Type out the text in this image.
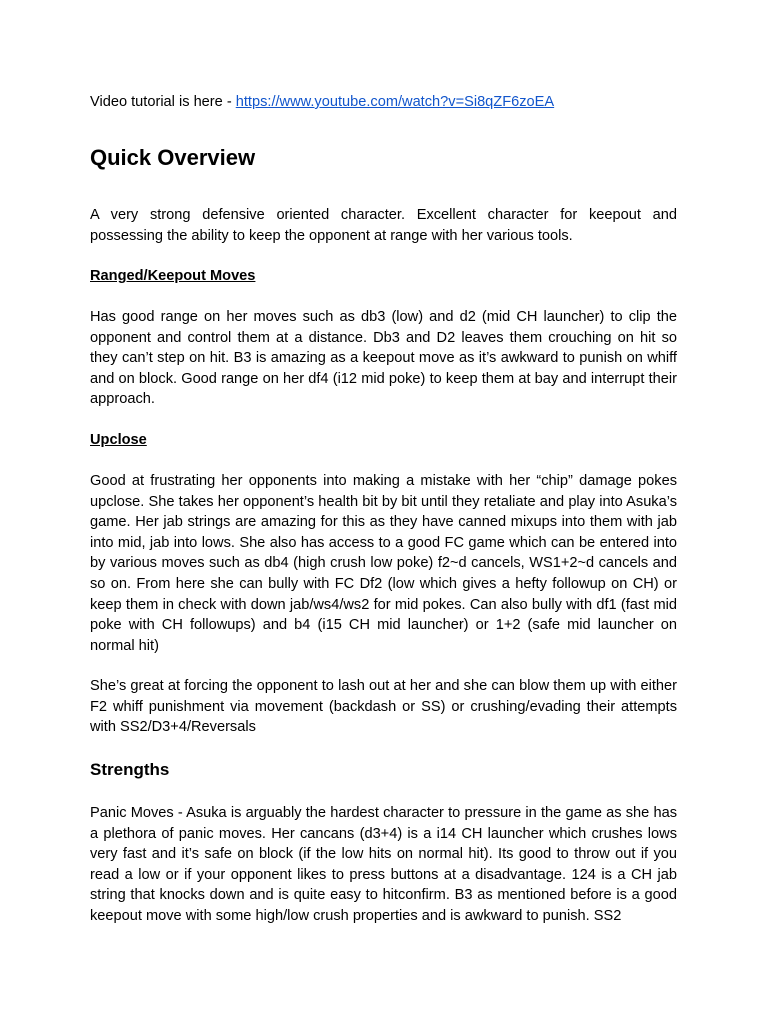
Video tutorial is here - https://www.youtube.com/watch?v=Si8qZF6zoEA
Quick Overview

A very strong defensive oriented character. Excellent character for keepout and possessing the ability to keep the opponent at range with her various tools.

Ranged/Keepout Moves

Has good range on her moves such as db3 (low) and d2 (mid CH launcher) to clip the opponent and control them at a distance. Db3 and D2 leaves them crouching on hit so they can’t step on hit. B3 is amazing as a keepout move as it’s awkward to punish on whiff and on block. Good range on her df4 (i12 mid poke) to keep them at bay and interrupt their approach.

Upclose

Good at frustrating her opponents into making a mistake with her “chip” damage pokes upclose. She takes her opponent’s health bit by bit until they retaliate and play into Asuka’s game. Her jab strings are amazing for this as they have canned mixups into them with jab into mid, jab into lows. She also has access to a good FC game which can be entered into by various moves such as db4 (high crush low poke) f2~d cancels, WS1+2~d cancels and so on. From here she can bully with FC Df2 (low which gives a hefty followup on CH) or keep them in check with down jab/ws4/ws2 for mid pokes. Can also bully with df1 (fast mid poke with CH followups) and b4 (i15 CH mid launcher) or 1+2 (safe mid launcher on normal hit)

She’s great at forcing the opponent to lash out at her and she can blow them up with either F2 whiff punishment via movement (backdash or SS) or crushing/evading their attempts with SS2/D3+4/Reversals

Strengths

Panic Moves - Asuka is arguably the hardest character to pressure in the game as she has a plethora of panic moves. Her cancans (d3+4) is a i14 CH launcher which crushes lows very fast and it’s safe on block (if the low hits on normal hit). Its good to throw out if you read a low or if your opponent likes to press buttons at a disadvantage. 124 is a CH jab string that knocks down and is quite easy to hitconfirm. B3 as mentioned before is a good keepout move with some high/low crush properties and is awkward to punish. SS2
